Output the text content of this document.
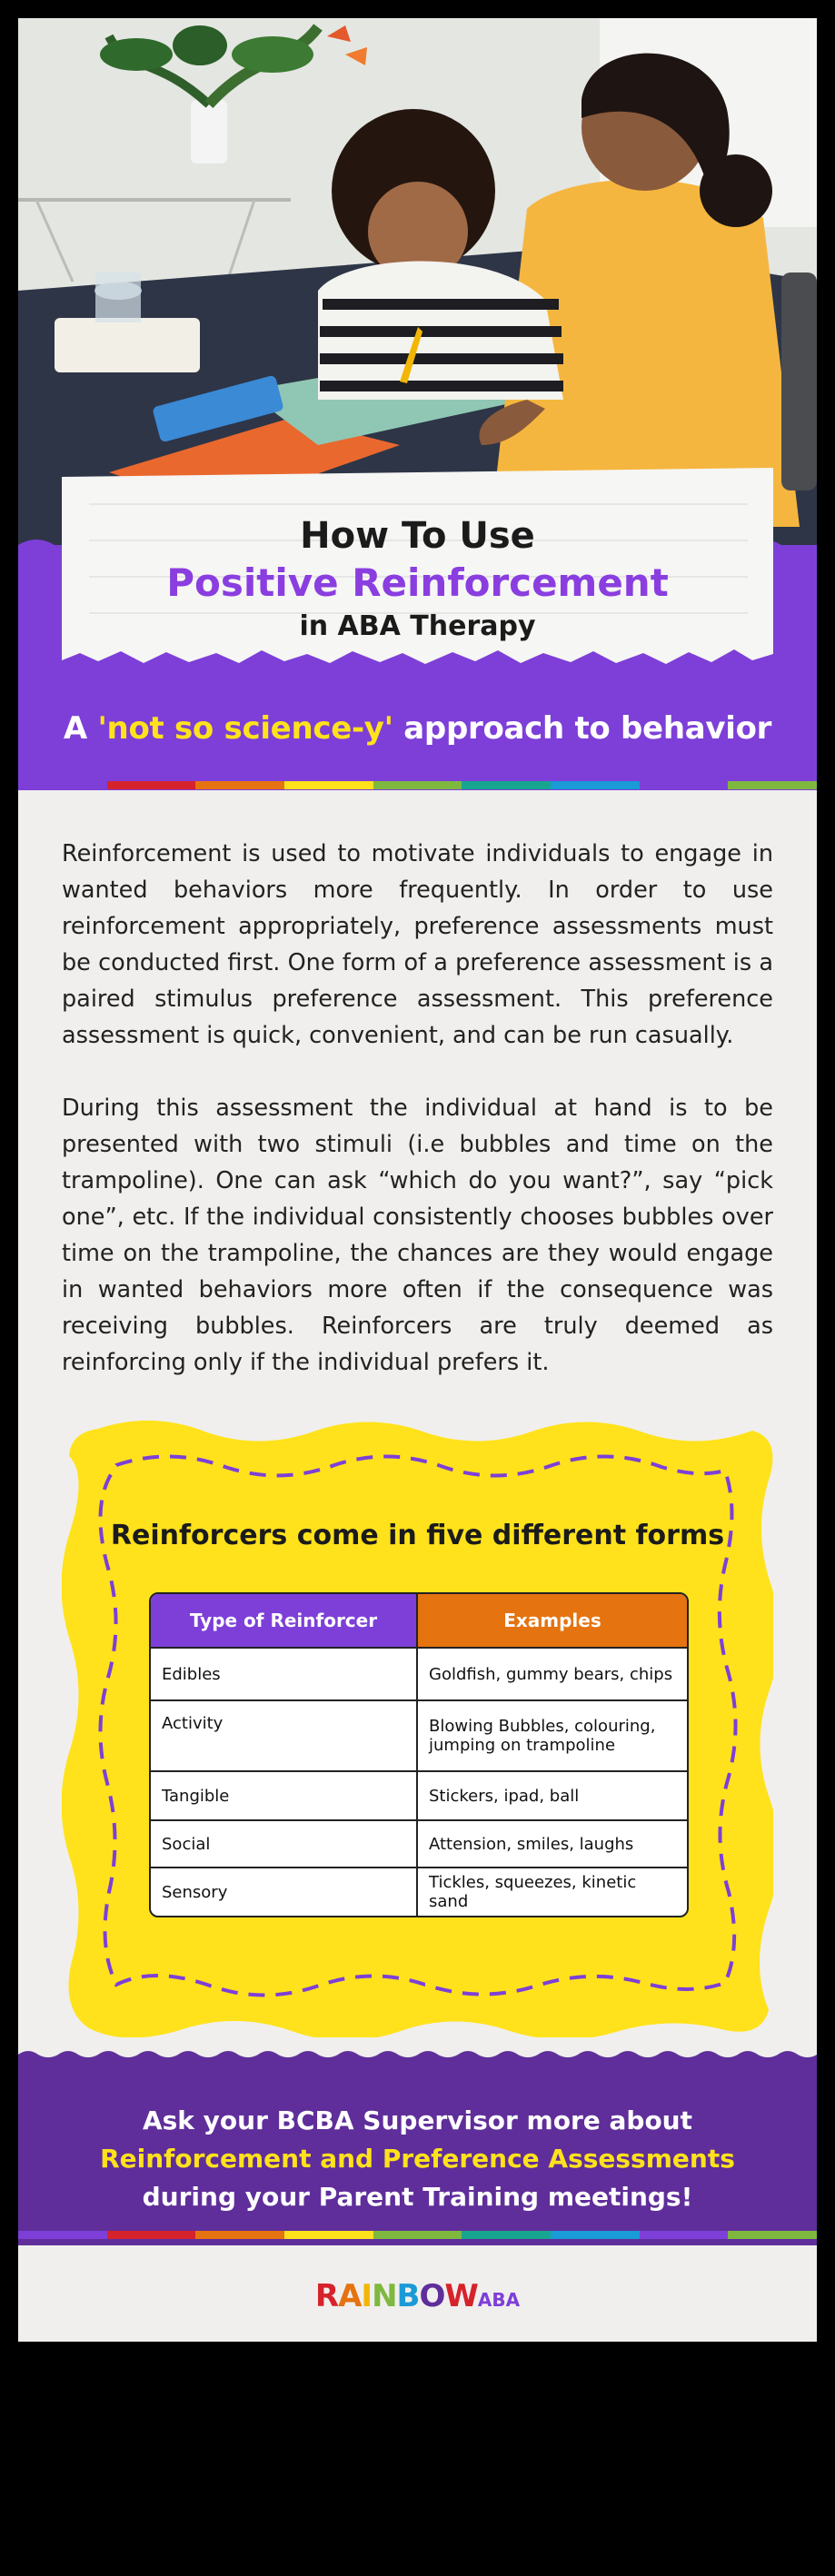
How To Use
Positive Reinforcement
in ABA Therapy
A 'not so science-y' approach to behavior
Reinforcement is used to motivate individuals to engage in wanted behaviors more frequently. In order to use reinforcement appropriately, preference assessments must be conducted first. One form of a preference assessment is a paired stimulus preference assessment. This preference assessment is quick, convenient, and can be run casually.
During this assessment the individual at hand is to be presented with two stimuli (i.e bubbles and time on the trampoline). One can ask “which do you want?”, say “pick one”, etc. If the individual consistently chooses bubbles over time on the trampoline, the chances are they would engage in wanted behaviors more often if the consequence was receiving bubbles. Reinforcers are truly deemed as reinforcing only if the individual prefers it.
Reinforcers come in five different forms
Type of Reinforcer	Examples
Edibles	Goldfish, gummy bears, chips
Activity	Blowing Bubbles, colouring, jumping on trampoline
Tangible	Stickers, ipad, ball
Social	Attension, smiles, laughs
Sensory	Tickles, squeezes, kinetic sand
Ask your BCBA Supervisor more about Reinforcement and Preference Assessments during your Parent Training meetings!
RAINBOWABA
